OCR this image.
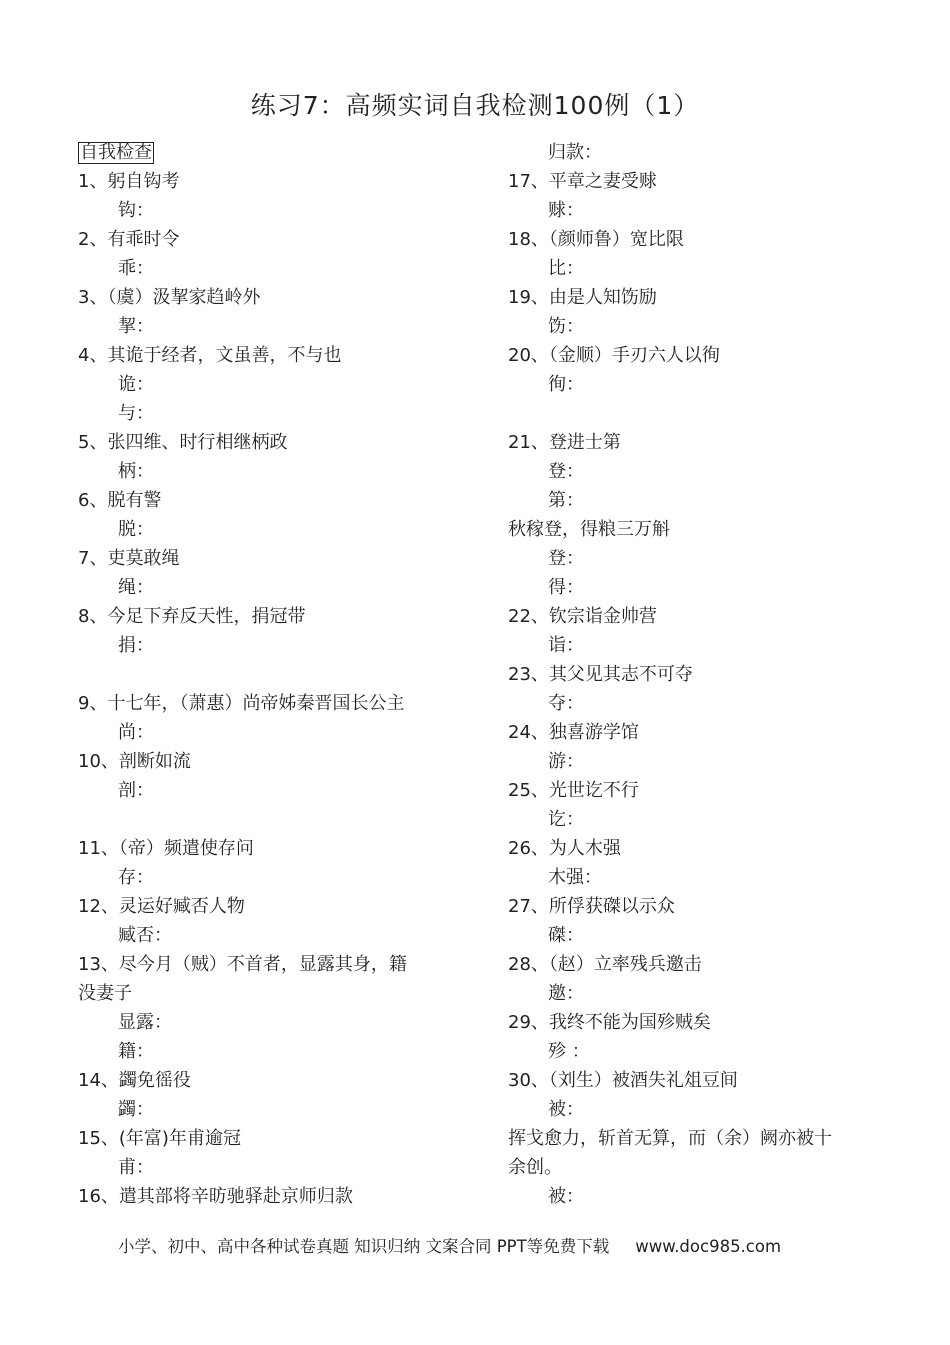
练习7：高频实词自我检测100例（1）
自我检查
1、躬自钩考
钩：
2、有乖时令
乖：
3、（虞）汲挈家趋岭外
挈：
4、其诡于经者，文虽善，不与也
诡：
与：
5、张四维、时行相继柄政
柄：
6、脱有警
脱：
7、吏莫敢绳
绳：
8、今足下弃反天性，捐冠带
捐：
9、十七年，（萧惠）尚帝姊秦晋国长公主
尚：
10、剖断如流
剖：
11、（帝）频遣使存问
存：
12、灵运好臧否人物
臧否：
13、尽今月（贼）不首者，显露其身，籍
没妻子
显露：
籍：
14、蠲免徭役
蠲：
15、(年富)年甫逾冠
甫：
16、遣其部将辛昉驰驿赴京师归款
归款：
17、平章之妻受赇
赇：
18、（颜师鲁）宽比限
比：
19、由是人知饬励
饬：
20、（金顺）手刃六人以徇
徇：
21、登进士第
登：
第：
秋稼登，得粮三万斛
登：
得：
22、钦宗诣金帅营
诣：
23、其父见其志不可夺
夺：
24、独喜游学馆
游：
25、光世讫不行
讫：
26、为人木强
木强：
27、所俘获磔以示众
磔：
28、（赵）立率残兵邀击
邀：
29、我终不能为国殄贼矣
殄 ：
30、（刘生）被酒失礼俎豆间
被：
挥戈愈力，斩首无算，而（余）阙亦被十
余创。
被：
小学、初中、高中各种试卷真题 知识归纳 文案合同 PPT等免费下载 www.doc985.com
